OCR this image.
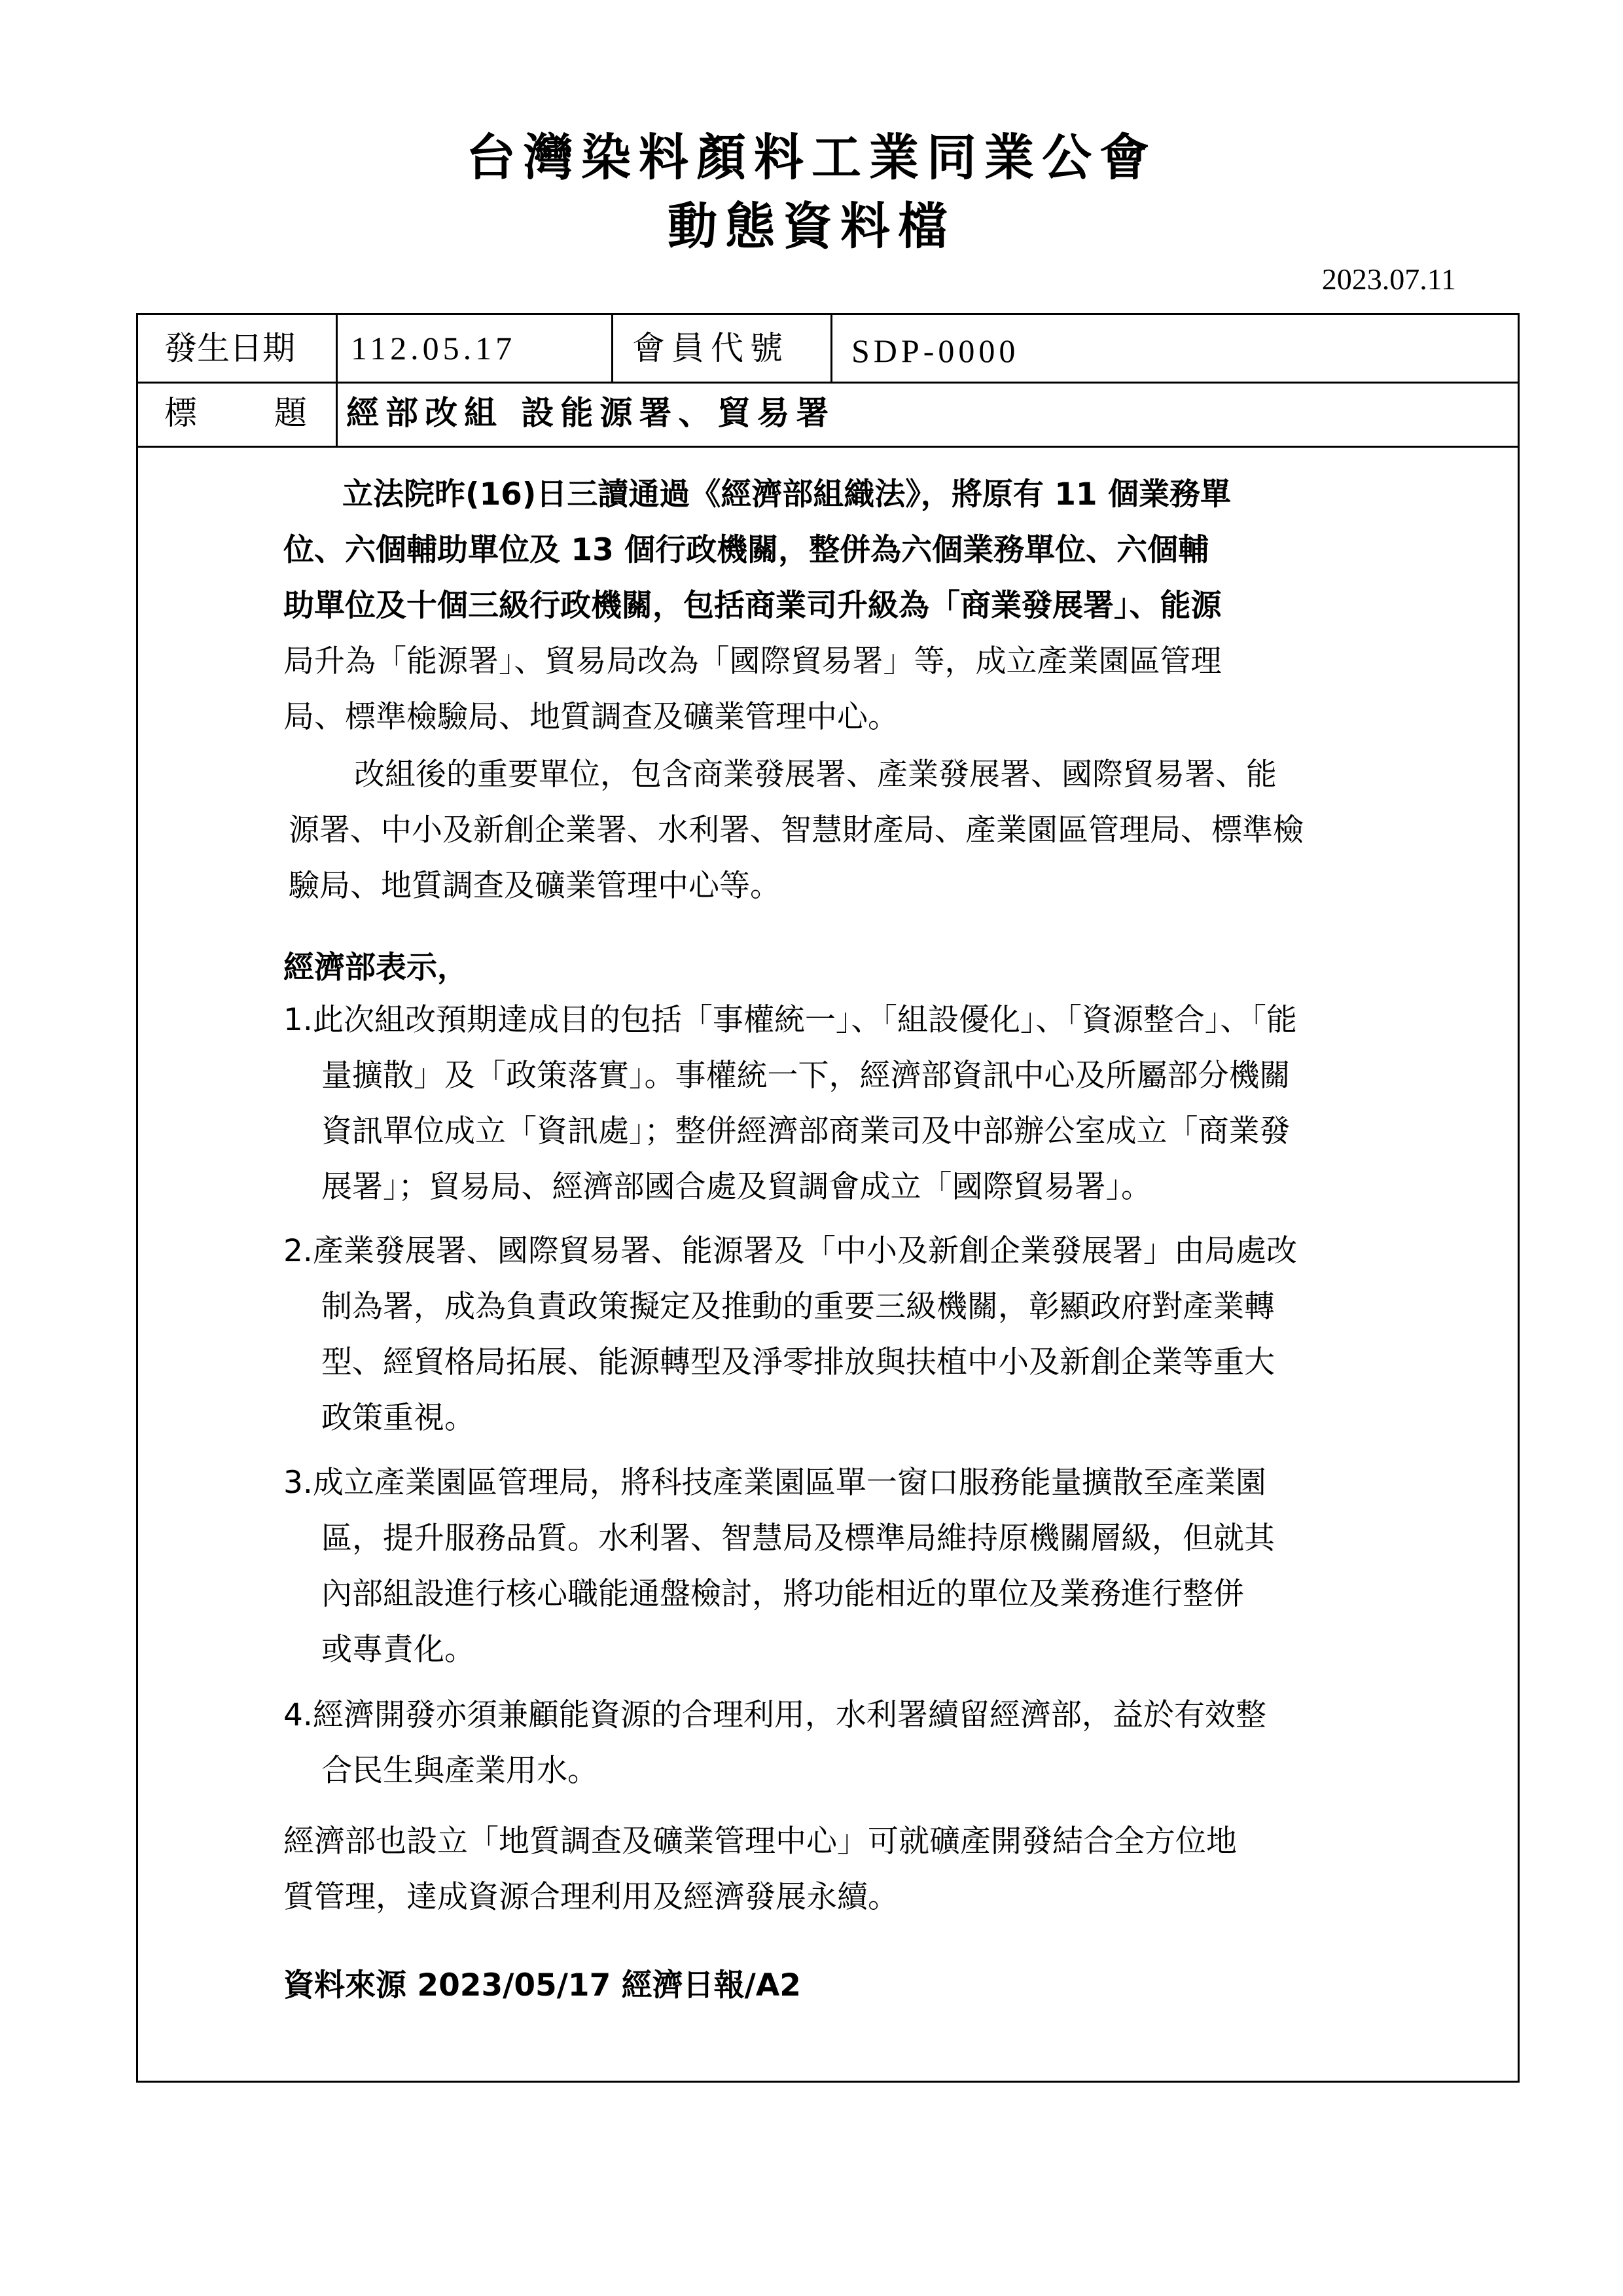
台灣染料顏料工業同業公會
動態資料檔
2023.07.11
發生日期 112.05.17	會員代號 SDP-0000
標　　題 經部改組 設能源署、貿易署
立法院昨(16)日三讀通過《經濟部組織法》，將原有 11 個業務單
位、六個輔助單位及 13 個行政機關，整併為六個業務單位、六個輔
助單位及十個三級行政機關，包括商業司升級為「商業發展署」、能源
局升為「能源署」、貿易局改為「國際貿易署」等，成立產業園區管理
局、標準檢驗局、地質調查及礦業管理中心。
改組後的重要單位，包含商業發展署、產業發展署、國際貿易署、能
源署、中小及新創企業署、水利署、智慧財產局、產業園區管理局、標準檢
驗局、地質調查及礦業管理中心等。
經濟部表示，
1.此次組改預期達成目的包括「事權統一」、「組設優化」、「資源整合」、「能
量擴散」及「政策落實」。事權統一下，經濟部資訊中心及所屬部分機關
資訊單位成立「資訊處」；整併經濟部商業司及中部辦公室成立「商業發
展署」；貿易局、經濟部國合處及貿調會成立「國際貿易署」。
2.產業發展署、國際貿易署、能源署及「中小及新創企業發展署」由局處改
制為署，成為負責政策擬定及推動的重要三級機關，彰顯政府對產業轉
型、經貿格局拓展、能源轉型及淨零排放與扶植中小及新創企業等重大
政策重視。
3.成立產業園區管理局，將科技產業園區單一窗口服務能量擴散至產業園
區，提升服務品質。水利署、智慧局及標準局維持原機關層級，但就其
內部組設進行核心職能通盤檢討，將功能相近的單位及業務進行整併
或專責化。
4.經濟開發亦須兼顧能資源的合理利用，水利署續留經濟部，益於有效整
合民生與產業用水。
經濟部也設立「地質調查及礦業管理中心」可就礦產開發結合全方位地
質管理，達成資源合理利用及經濟發展永續。
資料來源 2023/05/17 經濟日報/A2
